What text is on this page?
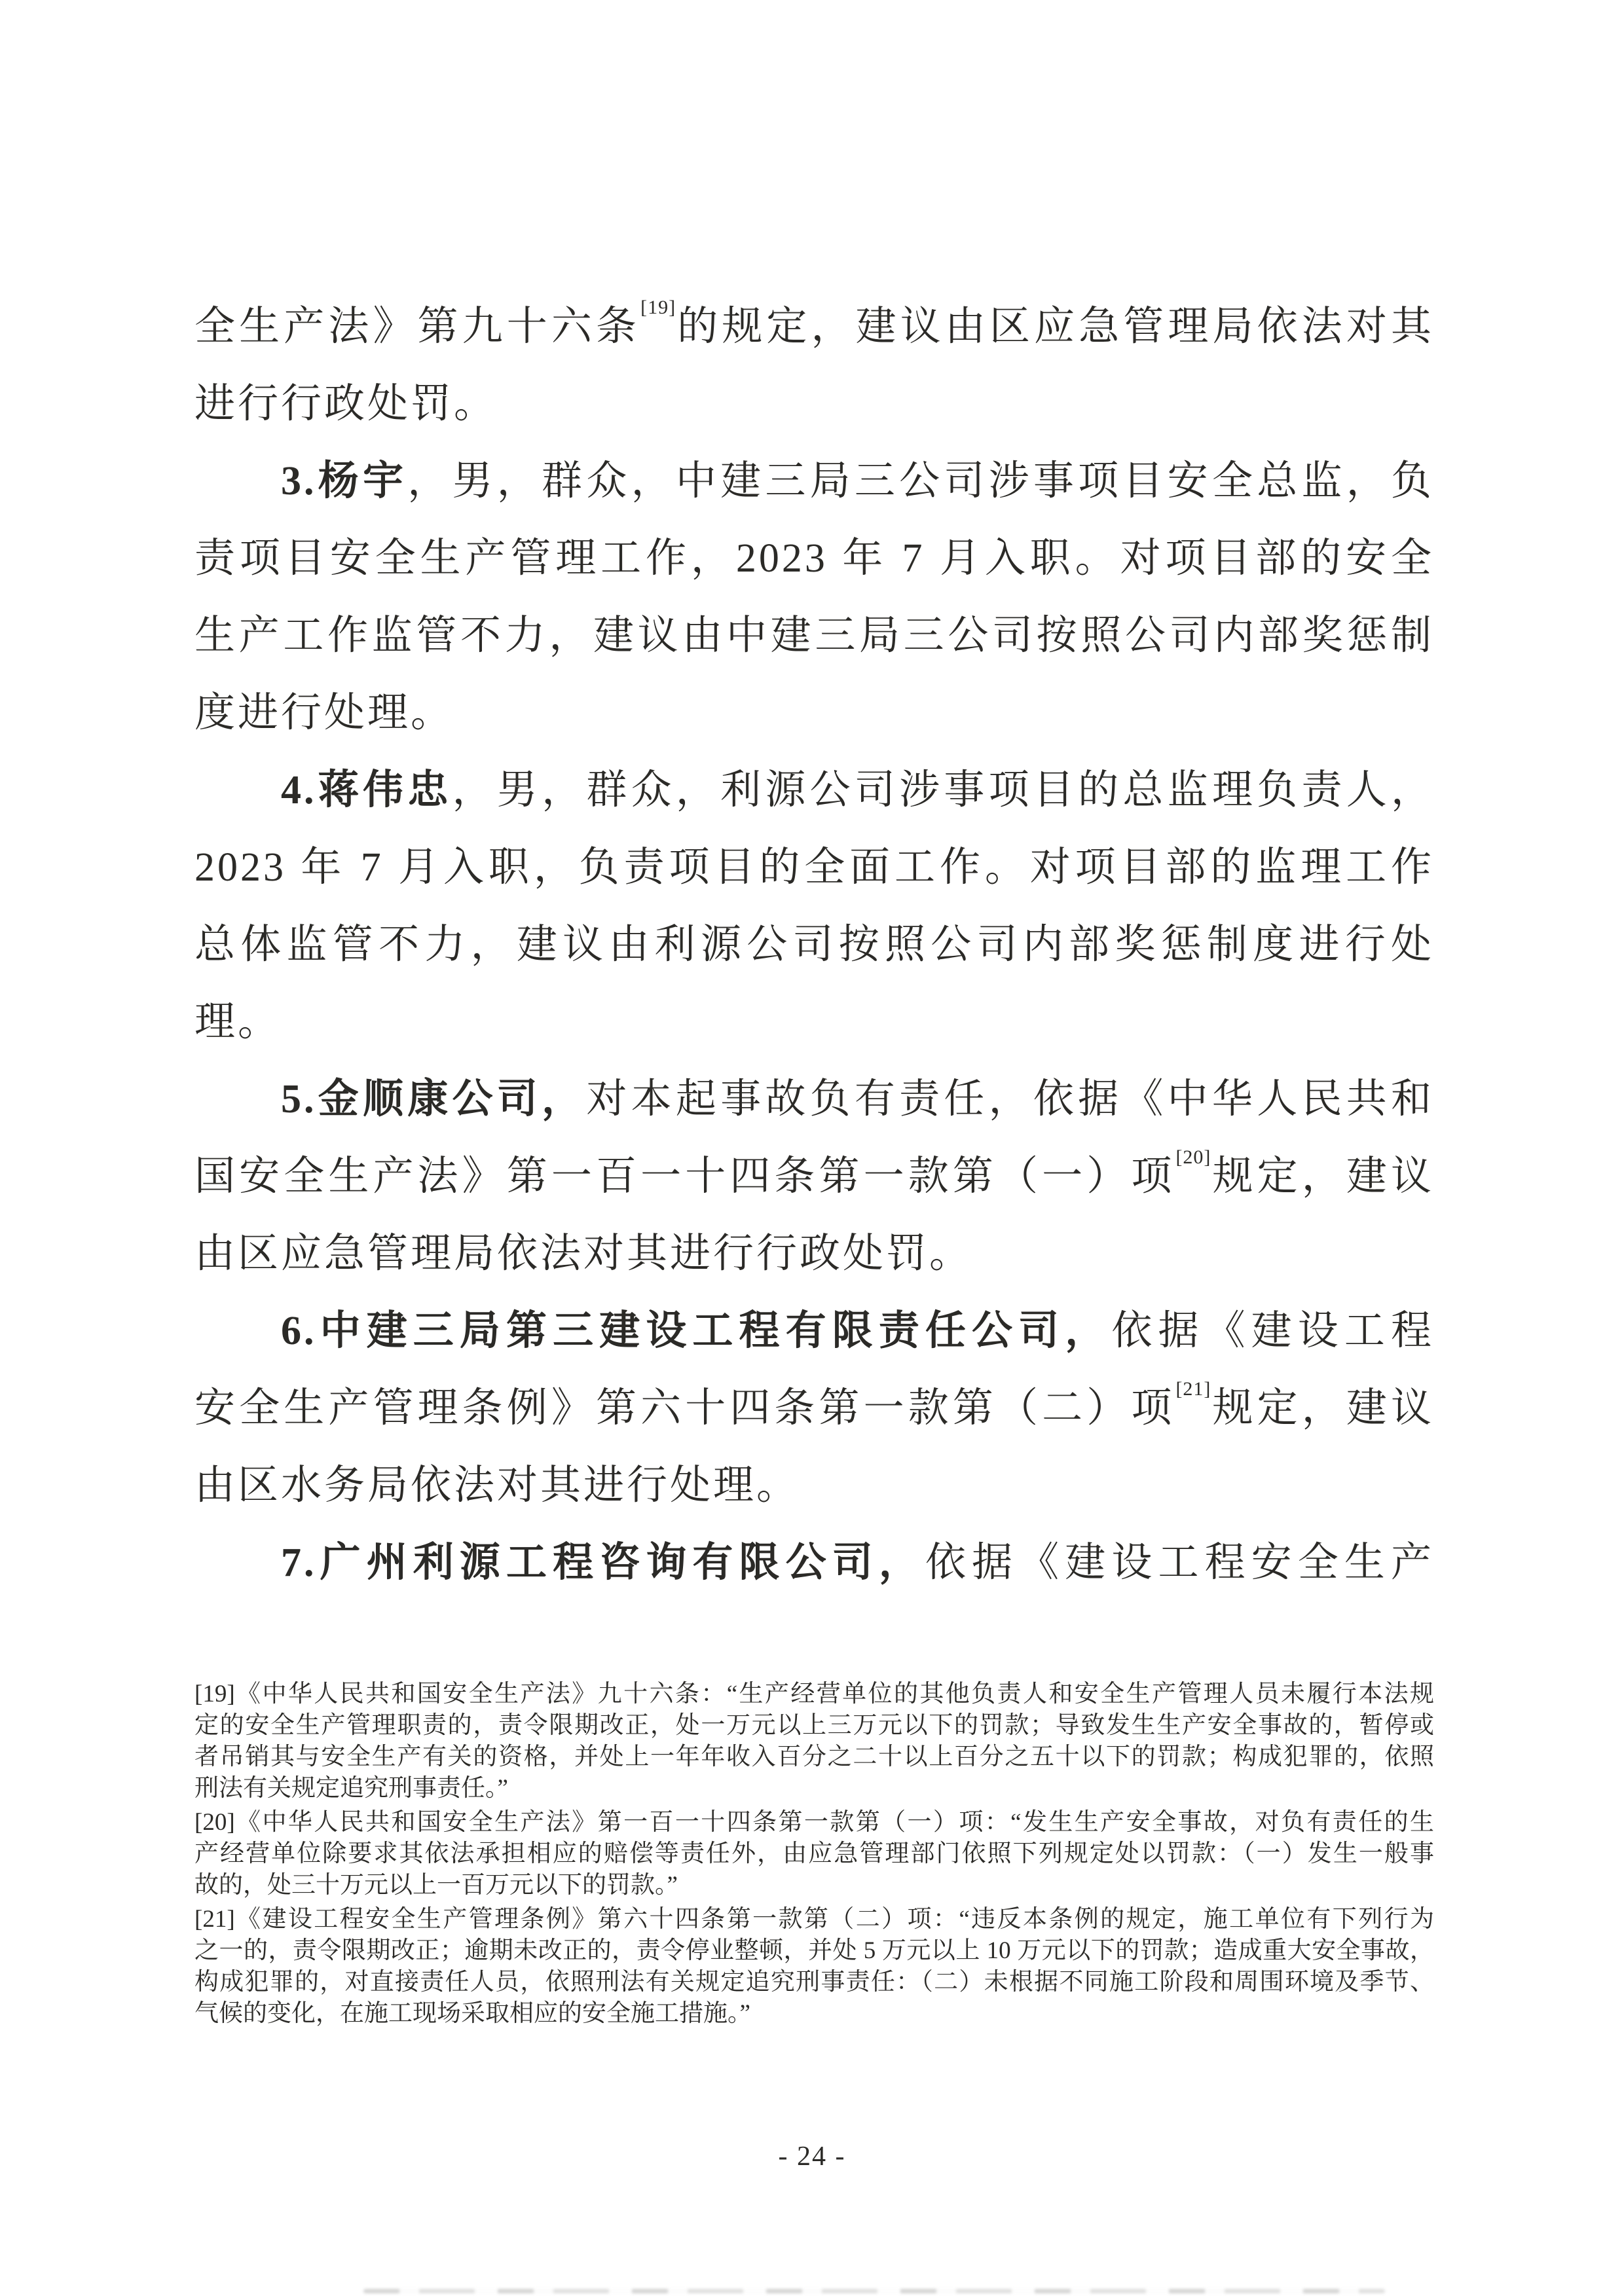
全生产法》第九十六条[19]的规定，建议由区应急管理局依法对其
进行行政处罚。
3.杨宇，男，群众，中建三局三公司涉事项目安全总监，负
责项目安全生产管理工作，2023 年 7 月入职。对项目部的安全
生产工作监管不力，建议由中建三局三公司按照公司内部奖惩制
度进行处理。
4.蒋伟忠，男，群众，利源公司涉事项目的总监理负责人，
2023 年 7 月入职，负责项目的全面工作。对项目部的监理工作
总体监管不力，建议由利源公司按照公司内部奖惩制度进行处
理。
5.金顺康公司，对本起事故负有责任，依据《中华人民共和
国安全生产法》第一百一十四条第一款第（一）项[20]规定，建议
由区应急管理局依法对其进行行政处罚。
6.中建三局第三建设工程有限责任公司，依据《建设工程
安全生产管理条例》第六十四条第一款第（二）项[21]规定，建议
由区水务局依法对其进行处理。
7.广州利源工程咨询有限公司，依据《建设工程安全生产
[19]《中华人民共和国安全生产法》九十六条：“生产经营单位的其他负责人和安全生产管理人员未履行本法规
定的安全生产管理职责的，责令限期改正，处一万元以上三万元以下的罚款；导致发生生产安全事故的，暂停或
者吊销其与安全生产有关的资格，并处上一年年收入百分之二十以上百分之五十以下的罚款；构成犯罪的，依照
刑法有关规定追究刑事责任。”
[20]《中华人民共和国安全生产法》第一百一十四条第一款第（一）项：“发生生产安全事故，对负有责任的生
产经营单位除要求其依法承担相应的赔偿等责任外，由应急管理部门依照下列规定处以罚款：（一）发生一般事
故的，处三十万元以上一百万元以下的罚款。”
[21]《建设工程安全生产管理条例》第六十四条第一款第（二）项：“违反本条例的规定，施工单位有下列行为
之一的，责令限期改正；逾期未改正的，责令停业整顿，并处 5 万元以上 10 万元以下的罚款；造成重大安全事故，
构成犯罪的，对直接责任人员，依照刑法有关规定追究刑事责任：（二）未根据不同施工阶段和周围环境及季节、
气候的变化，在施工现场采取相应的安全施工措施。”
- 24 -
